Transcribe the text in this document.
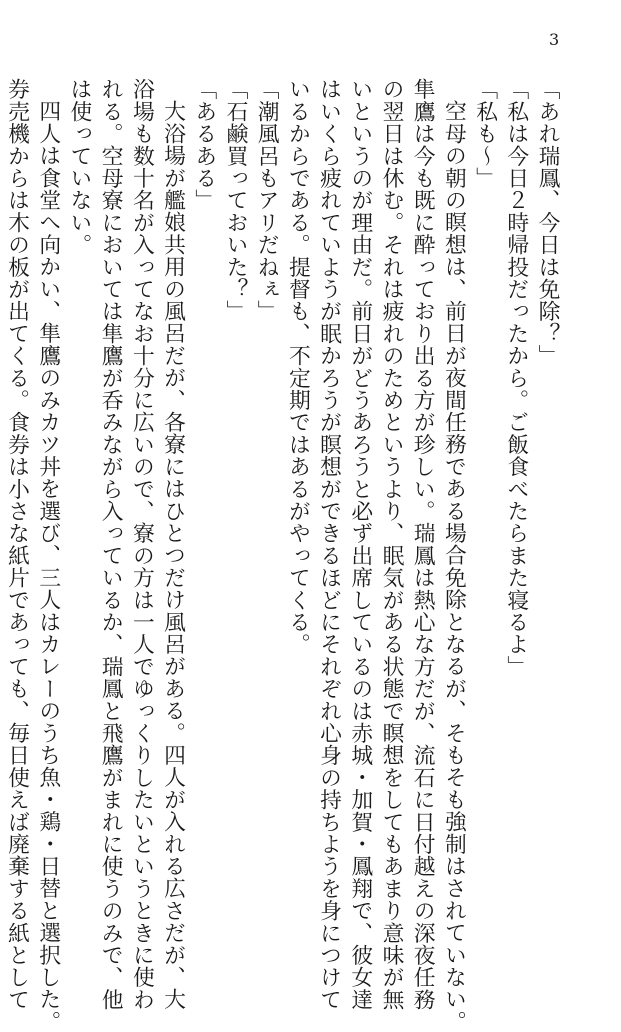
3
「あれ瑞鳳、今日は免除？」
「私は今日２時帰投だったから。ご飯食べたらまた寝るよ」
「私も～」
空母の朝の瞑想は、前日が夜間任務である場合免除となるが、そもそも強制はされていない。
隼鷹は今も既に酔っており出る方が珍しい。瑞鳳は熱心な方だが、流石に日付越えの深夜任務
の翌日は休む。それは疲れのためというより、眠気がある状態で瞑想をしてもあまり意味が無
いというのが理由だ。前日がどうあろうと必ず出席しているのは赤城・加賀・鳳翔で、彼女達
はいくら疲れていようが眠かろうが瞑想ができるほどにそれぞれ心身の持ちようを身につけて
いるからである。提督も、不定期ではあるがやってくる。
「潮風呂もアリだねぇ」
「石鹸買っておいた？」
「あるある」
大浴場が艦娘共用の風呂だが、各寮にはひとつだけ風呂がある。四人が入れる広さだが、大
浴場も数十名が入ってなお十分に広いので、寮の方は一人でゆっくりしたいというときに使わ
れる。空母寮においては隼鷹が呑みながら入っているか、瑞鳳と飛鷹がまれに使うのみで、他
は使っていない。
四人は食堂へ向かい、隼鷹のみカツ丼を選び、三人はカレーのうち魚・鶏・日替と選択した。
券売機からは木の板が出てくる。食券は小さな紙片であっても、毎日使えば廃棄する紙として
